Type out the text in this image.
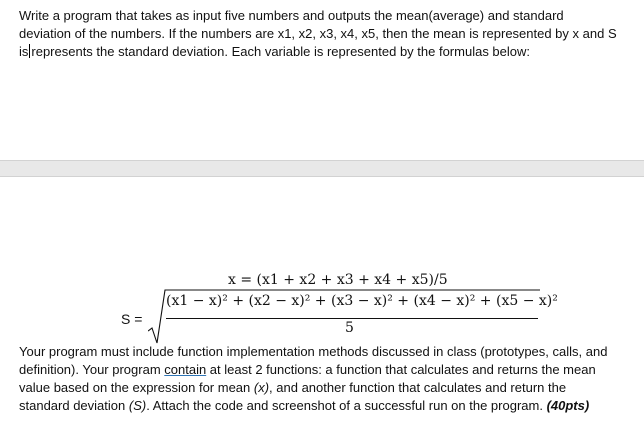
Write a program that takes as input five numbers and outputs the mean(average) and standard
deviation of the numbers. If the numbers are x1, x2, x3, x4, x5, then the mean is represented by x and S
is represents the standard deviation. Each variable is represented by the formulas below:
x = (x1 + x2 + x3 + x4 + x5)/5
S =
(x1 − x)² + (x2 − x)² + (x3 − x)² + (x4 − x)² + (x5 − x)²
5
Your program must include function implementation methods discussed in class (prototypes, calls, and
definition). Your program contain at least 2 functions: a function that calculates and returns the mean
value based on the expression for mean (x), and another function that calculates and return the
standard deviation (S). Attach the code and screenshot of a successful run on the program. (40pts)
